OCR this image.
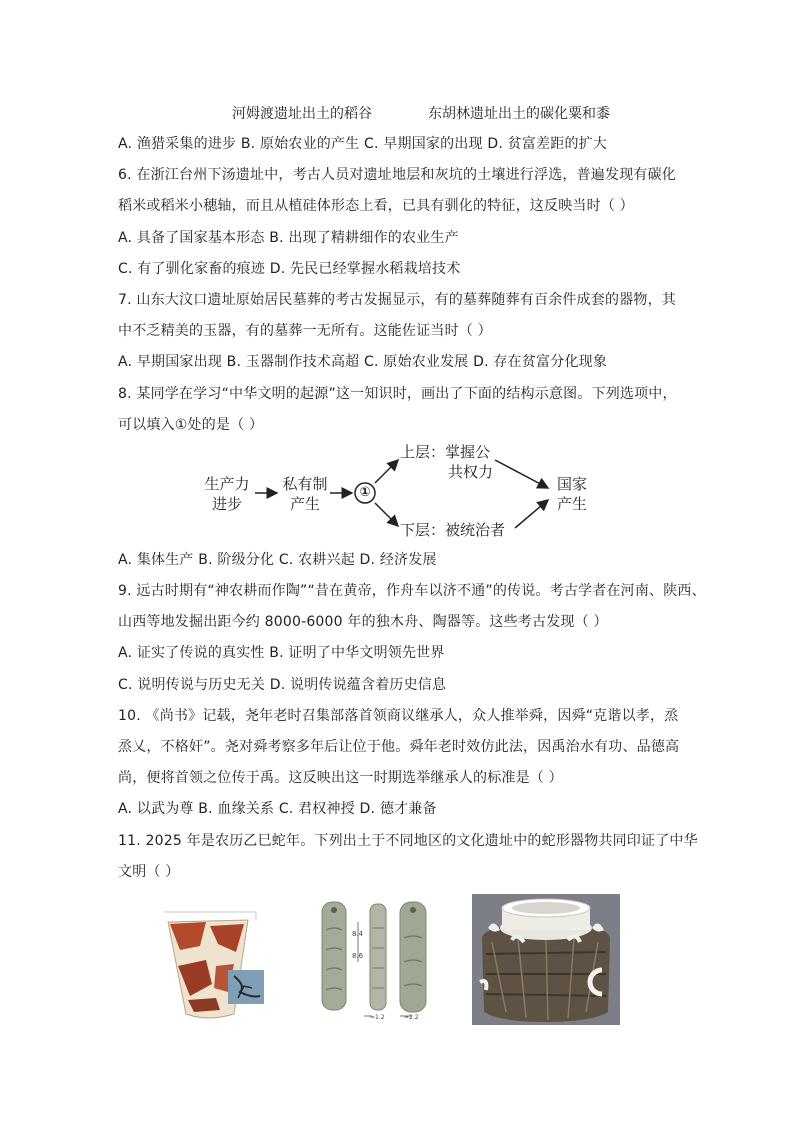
河姆渡遗址出土的稻谷	东胡林遗址出土的碳化粟和黍
A. 渔猎采集的进步 B. 原始农业的产生 C. 早期国家的出现 D. 贫富差距的扩大
6. 在浙江台州下汤遗址中，考古人员对遗址地层和灰坑的土壤进行浮选，普遍发现有碳化
稻米或稻米小穗轴，而且从植硅体形态上看，已具有驯化的特征，这反映当时（ ）
A. 具备了国家基本形态 B. 出现了精耕细作的农业生产
C. 有了驯化家畜的痕迹 D. 先民已经掌握水稻栽培技术
7. 山东大汶口遗址原始居民墓葬的考古发掘显示，有的墓葬随葬有百余件成套的器物，其
中不乏精美的玉器，有的墓葬一无所有。这能佐证当时（ ）
A. 早期国家出现 B. 玉器制作技术高超 C. 原始农业发展 D. 存在贫富分化现象
8. 某同学在学习“中华文明的起源”这一知识时，画出了下面的结构示意图。下列选项中，
可以填入①处的是（ ）
A. 集体生产 B. 阶级分化 C. 农耕兴起 D. 经济发展
9. 远古时期有“神农耕而作陶”“昔在黄帝，作舟车以济不通”的传说。考古学者在河南、陕西、
山西等地发掘出距今约 8000-6000 年的独木舟、陶器等。这些考古发现（ ）
A. 证实了传说的真实性 B. 证明了中华文明领先世界
C. 说明传说与历史无关 D. 说明传说蕴含着历史信息
10. 《尚书》记载，尧年老时召集部落首领商议继承人，众人推举舜，因舜“克谐以孝，烝
烝乂，不格奸”。尧对舜考察多年后让位于他。舜年老时效仿此法，因禹治水有功、品德高
尚，便将首领之位传于禹。这反映出这一时期选举继承人的标准是（ ）
A. 以武为尊 B. 血缘关系 C. 君权神授 D. 德才兼备
11. 2025 年是农历乙巳蛇年。下列出土于不同地区的文化遗址中的蛇形器物共同印证了中华
文明（ ）
生产力
进步
私有制
产生
①
上层：掌握公
共权力
下层：被统治者
国家
产生
8.4
8.6
≈1.2	≈2.2
